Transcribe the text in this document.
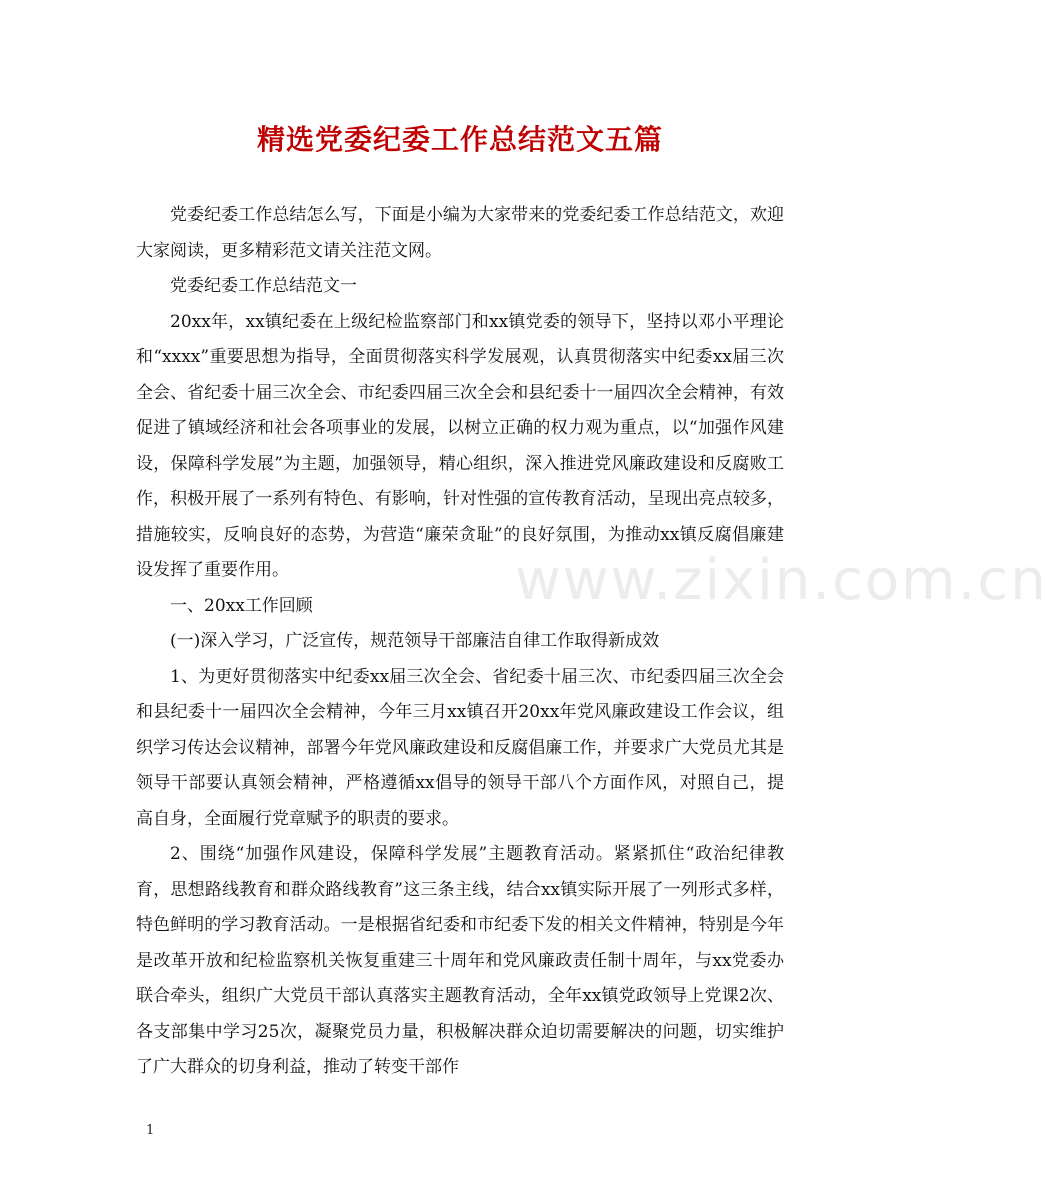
精选党委纪委工作总结范文五篇

党委纪委工作总结怎么写，下面是小编为大家带来的党委纪委工作总结范文，欢迎大家阅读，更多精彩范文请关注范文网。

党委纪委工作总结范文一

20xx年，xx镇纪委在上级纪检监察部门和xx镇党委的领导下，坚持以邓小平理论和“xxxx”重要思想为指导，全面贯彻落实科学发展观，认真贯彻落实中纪委xx届三次全会、省纪委十届三次全会、市纪委四届三次全会和县纪委十一届四次全会精神，有效促进了镇域经济和社会各项事业的发展，以树立正确的权力观为重点，以“加强作风建设，保障科学发展”为主题，加强领导，精心组织，深入推进党风廉政建设和反腐败工作，积极开展了一系列有特色、有影响，针对性强的宣传教育活动，呈现出亮点较多，措施较实，反响良好的态势，为营造“廉荣贪耻”的良好氛围，为推动xx镇反腐倡廉建设发挥了重要作用。

一、20xx工作回顾

(一)深入学习，广泛宣传，规范领导干部廉洁自律工作取得新成效

1、为更好贯彻落实中纪委xx届三次全会、省纪委十届三次、市纪委四届三次全会和县纪委十一届四次全会精神，今年三月xx镇召开20xx年党风廉政建设工作会议，组织学习传达会议精神，部署今年党风廉政建设和反腐倡廉工作，并要求广大党员尤其是领导干部要认真领会精神，严格遵循xx倡导的领导干部八个方面作风，对照自己，提高自身，全面履行党章赋予的职责的要求。

2、围绕“加强作风建设，保障科学发展”主题教育活动。紧紧抓住“政治纪律教育，思想路线教育和群众路线教育”这三条主线，结合xx镇实际开展了一列形式多样，特色鲜明的学习教育活动。一是根据省纪委和市纪委下发的相关文件精神，特别是今年是改革开放和纪检监察机关恢复重建三十周年和党风廉政责任制十周年，与xx党委办联合牵头，组织广大党员干部认真落实主题教育活动，全年xx镇党政领导上党课2次、各支部集中学习25次，凝聚党员力量，积极解决群众迫切需要解决的问题，切实维护了广大群众的切身利益，推动了转变干部作

www.zixin.com.cn
1
